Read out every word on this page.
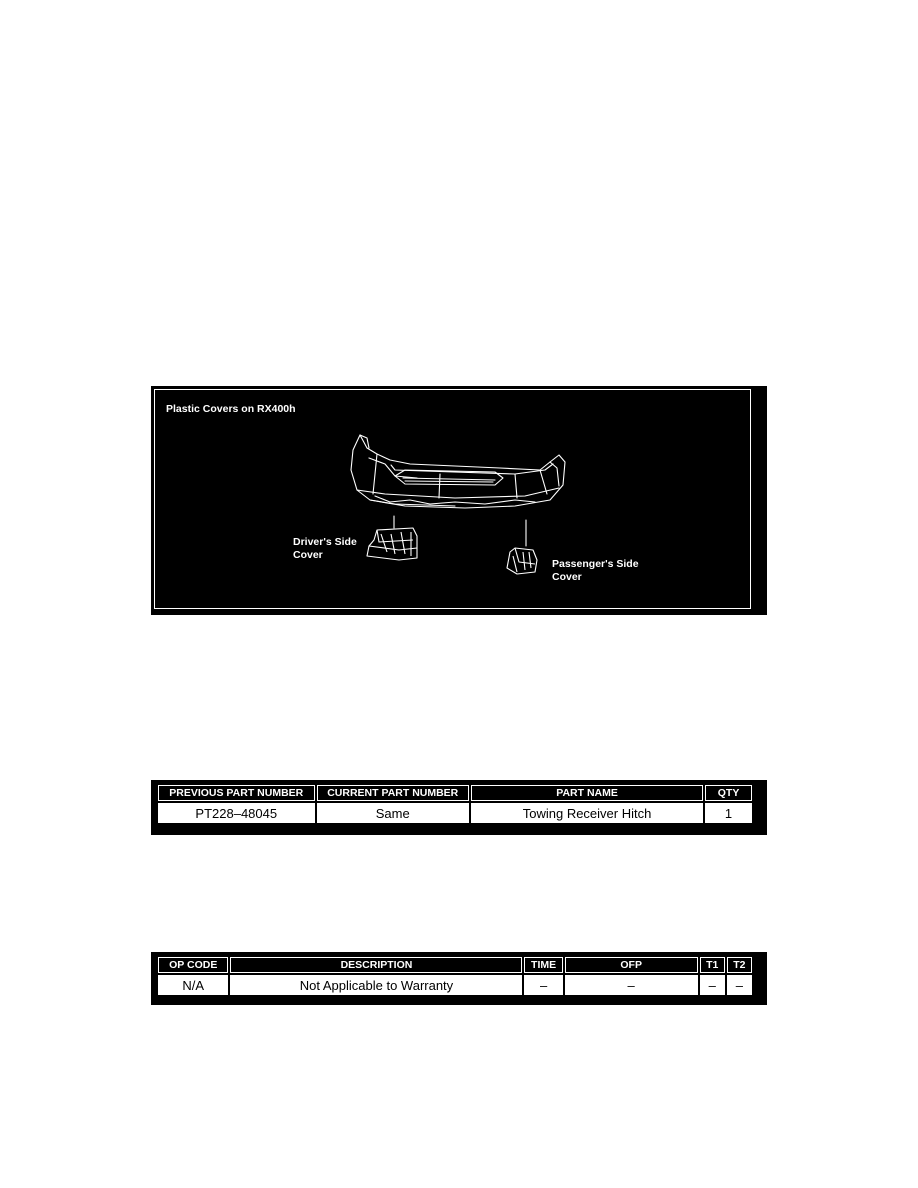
Plastic Covers on RX400h
Driver's Side
Cover
Passenger's Side
Cover
PREVIOUS PART NUMBER	CURRENT PART NUMBER	PART NAME	QTY
PT228–48045	Same	Towing Receiver Hitch	1
OP CODE	DESCRIPTION	TIME	OFP	T1	T2
N/A	Not Applicable to Warranty	–	–	–	–
